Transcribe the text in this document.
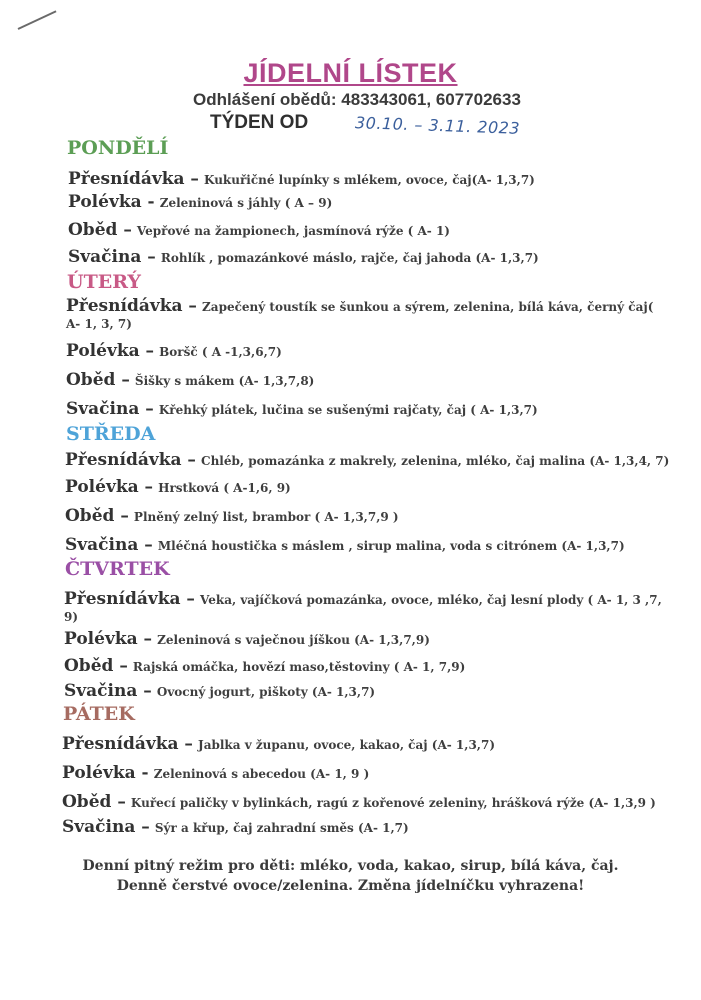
JÍDELNÍ LÍSTEK
Odhlášení obědů: 483343061, 607702633
TÝDEN OD	30.10. – 3.11. 2023
PONDĚLÍ
Přesnídávka – Kukuřičné lupínky s mlékem, ovoce, čaj(A- 1,3,7)
Polévka - Zeleninová s jáhly ( A – 9)
Oběd – Vepřové na žampionech, jasmínová rýže ( A- 1)
Svačina – Rohlík , pomazánkové máslo, rajče, čaj jahoda (A- 1,3,7)
ÚTERÝ
Přesnídávka – Zapečený toustík se šunkou a sýrem, zelenina, bílá káva, černý čaj( A- 1, 3, 7)
Polévka – Boršč ( A -1,3,6,7)
Oběd – Šišky s mákem (A- 1,3,7,8)
Svačina – Křehký plátek, lučina se sušenými rajčaty, čaj ( A- 1,3,7)
STŘEDA
Přesnídávka – Chléb, pomazánka z makrely, zelenina, mléko, čaj malina (A- 1,3,4, 7)
Polévka – Hrstková ( A-1,6, 9)
Oběd – Plněný zelný list, brambor ( A- 1,3,7,9 )
Svačina – Mléčná houstička s máslem , sirup malina, voda s citrónem (A- 1,3,7)
ČTVRTEK
Přesnídávka – Veka, vajíčková pomazánka, ovoce, mléko, čaj lesní plody ( A- 1, 3 ,7, 9)
Polévka – Zeleninová s vaječnou jíškou (A- 1,3,7,9)
Oběd – Rajská omáčka, hovězí maso,těstoviny ( A- 1, 7,9)
Svačina – Ovocný jogurt, piškoty (A- 1,3,7)
PÁTEK
Přesnídávka – Jablka v županu, ovoce, kakao, čaj (A- 1,3,7)
Polévka - Zeleninová s abecedou (A- 1, 9 )
Oběd – Kuřecí paličky v bylinkách, ragú z kořenové zeleniny, hrášková rýže (A- 1,3,9 )
Svačina – Sýr a křup, čaj zahradní směs (A- 1,7)
Denní pitný režim pro děti: mléko, voda, kakao, sirup, bílá káva, čaj.
Denně čerstvé ovoce/zelenina. Změna jídelníčku vyhrazena!
